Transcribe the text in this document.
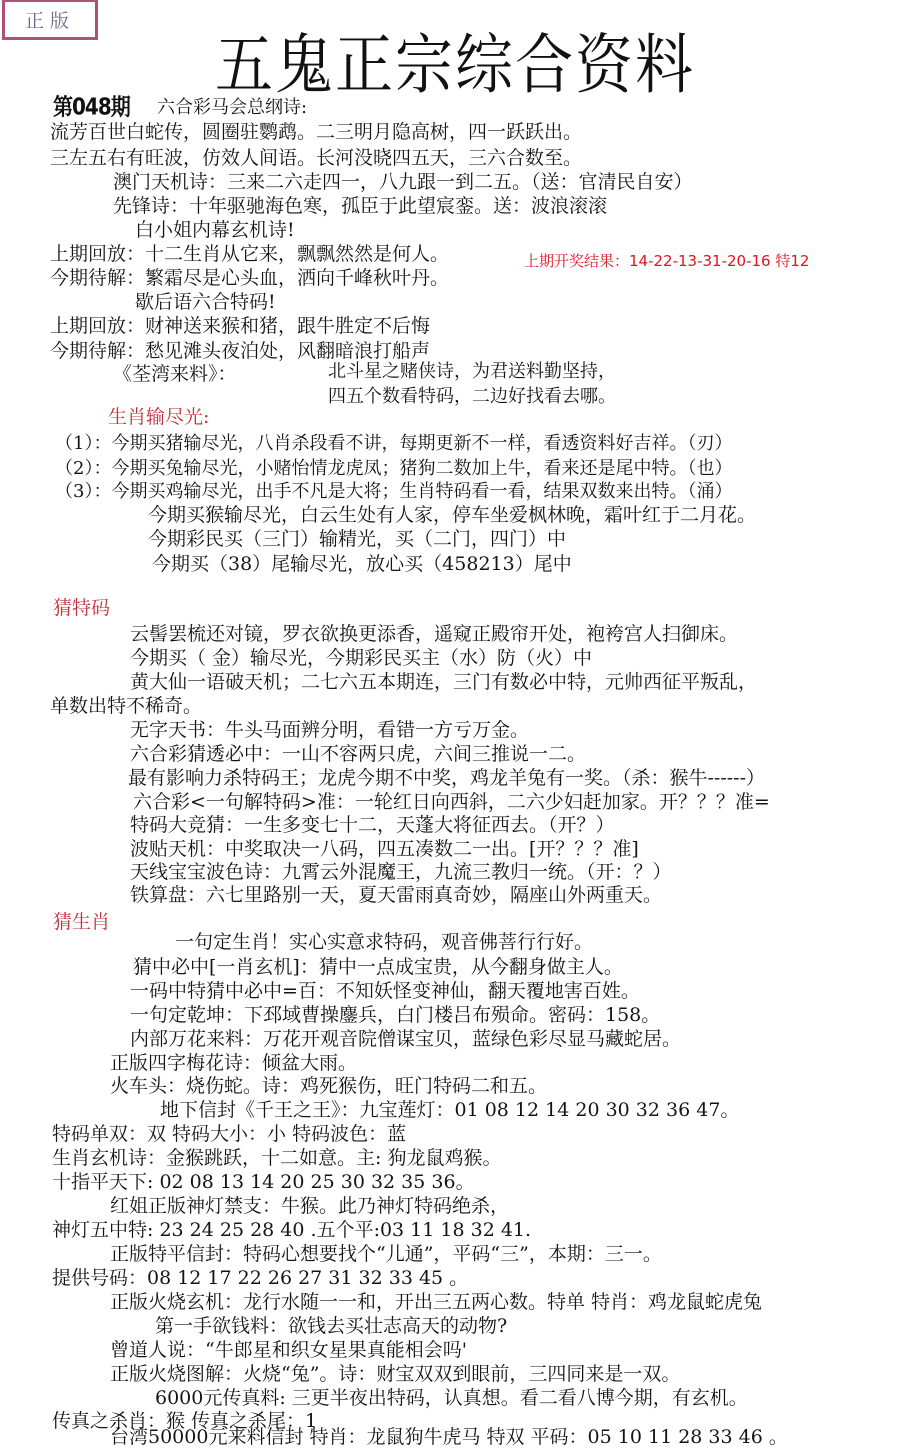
正版
五鬼正宗综合资料
第048期 六合彩马会总纲诗:
流芳百世白蛇传，圆圈驻鹦鹉。二三明月隐高树，四一跃跃出。
三左五右有旺波，仿效人间语。长河没晓四五天，三六合数至。
澳门天机诗：三来二六走四一，八九跟一到二五。（送：官清民自安）
先锋诗：十年驱驰海色寒，孤臣于此望宸銮。送：波浪滚滚
白小姐内幕玄机诗!
上期回放：十二生肖从它来，飘飘然然是何人。	上期开奖结果：14-22-13-31-20-16 特12
今期待解：繁霜尽是心头血，洒向千峰秋叶丹。
歇后语六合特码!
上期回放：财神送来猴和猪，跟牛胜定不后悔
今期待解：愁见滩头夜泊处，风翻暗浪打船声
《荃湾来料》：	北斗星之赌侠诗，为君送料勤坚持，
四五个数看特码，二边好找看去哪。
生肖输尽光:
（1）：今期买猪输尽光，八肖杀段看不讲，每期更新不一样，看透资料好吉祥。（刃）
（2）：今期买兔输尽光，小赌怡情龙虎凤；猪狗二数加上牛，看来还是尾中特。（也）
（3）：今期买鸡输尽光，出手不凡是大将；生肖特码看一看，结果双数来出特。（涌）
今期买猴输尽光，白云生处有人家，停车坐爱枫林晚，霜叶红于二月花。
今期彩民买（三门）输精光，买（二门，四门）中
今期买（38）尾输尽光，放心买（458213）尾中
猜特码
云髻罢梳还对镜，罗衣欲换更添香，遥窥正殿帘开处，袍袴宫人扫御床。
今期买（ 金）输尽光，今期彩民买主（水）防（火）中
黄大仙一语破天机；二七六五本期连，三门有数必中特，元帅西征平叛乱，
单数出特不稀奇。
无字天书：牛头马面辨分明，看错一方亏万金。
六合彩猜透必中：一山不容两只虎，六间三推说一二。
最有影响力杀特码王；龙虎今期不中奖，鸡龙羊兔有一奖。（杀：猴牛------）
六合彩<一句解特码>准：一轮红日向西斜，二六少妇赶加家。开？？？准=
特码大竞猜：一生多变七十二，天蓬大将征西去。（开？）
波贴天机：中奖取决一八码，四五凑数二一出。[开？？？准]
天线宝宝波色诗：九霄云外混魔王，九流三教归一统。（开：？）
铁算盘：六七里路别一天，夏天雷雨真奇妙，隔座山外两重天。
猜生肖
一句定生肖！实心实意求特码，观音佛菩行行好。
猜中必中[一肖玄机]：猜中一点成宝贵，从今翻身做主人。
一码中特猜中必中=百：不知妖怪变神仙，翻天覆地害百姓。
一句定乾坤：下邳域曹操鏖兵，白门楼吕布殒命。密码：158。
内部万花来料：万花开观音院僧谋宝贝，蓝绿色彩尽显马藏蛇居。
正版四字梅花诗：倾盆大雨。
火车头：烧伤蛇。诗：鸡死猴伤，旺门特码二和五。
地下信封《千王之王》：九宝莲灯：01 08 12 14 20 30 32 36 47。
特码单双：双 特码大小：小 特码波色：蓝
生肖玄机诗：金猴跳跃，十二如意。主: 狗龙鼠鸡猴。
十指平天下: 02 08 13 14 20 25 30 32 35 36。
红姐正版神灯禁支：牛猴。此乃神灯特码绝杀，
神灯五中特: 23 24 25 28 40 .五个平:03 11 18 32 41.
正版特平信封：特码心想要找个“儿通”，平码“三”，本期：三一。
提供号码：08 12 17 22 26 27 31 32 33 45 。
正版火烧玄机：龙行水随一一和，开出三五两心数。特单 特肖：鸡龙鼠蛇虎兔
第一手欲钱料：欲钱去买壮志高天的动物?
曾道人说：“牛郎星和织女星果真能相会吗'
正版火烧图解：火烧“兔”。诗：财宝双双到眼前，三四同来是一双。
6000元传真料: 三更半夜出特码，认真想。看二看八博今期，有玄机。
传真之杀肖：猴 传真之杀尾：1
台湾50000元来料信封 特肖：龙鼠狗牛虎马 特双 平码：05 10 11 28 33 46 。
